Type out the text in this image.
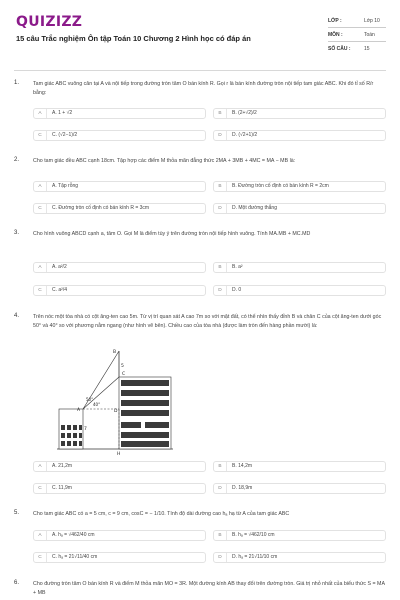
QUIZIZZ
15 câu Trắc nghiệm Ôn tập Toán 10 Chương 2 Hình học có đáp án
LỚP :	Lớp 10
MÔN :	Toán
SỐ CÂU :	15
1.	Tam giác ABC vuông cân tại A và nội tiếp trong đường tròn tâm O bán kính R. Gọi r là bán kính đường tròn nội tiếp tam giác ABC. Khi đó tỉ số R/r bằng:
A	A. 1 + √2	B	B. (2+√2)/2
C	C. (√2−1)/2	D	D. (√2+1)/2
2.	Cho tam giác đều ABC cạnh 18cm. Tập hợp các điểm M thỏa mãn đẳng thức 2MA + 3MB + 4MC = MA − MB là:
A	A. Tập rỗng	B	B. Đường tròn cố định có bán kính R = 2cm
C	C. Đường tròn cố định có bán kính R = 3cm	D	D. Một đường thẳng
3.	Cho hình vuông ABCD cạnh a, tâm O. Gọi M là điểm tùy ý trên đường tròn nội tiếp hình vuông. Tính MA.MB + MC.MD
A	A. a²/2	B	B. a²
C	C. a²/4	D	D. 0
4.	Trên nóc một tòa nhà có cột ăng-ten cao 5m. Từ vị trí quan sát A cao 7m so với mặt đất, có thể nhìn thấy đỉnh B và chân C của cột ăng-ten dưới góc 50° và 40° so với phương nằm ngang (như hình vẽ bên). Chiều cao của tòa nhà (được làm tròn đến hàng phần mười) là:
B
5
C
A
50°
40°
7
D
H
A	A. 21,2m	B	B. 14,2m
C	C. 11,9m	D	D. 18,9m
5.	Cho tam giác ABC có a = 5 cm, c = 9 cm, cosC = − 1/10. Tính độ dài đường cao hₐ hạ từ A của tam giác ABC
A	A. hₐ = √462/40 cm	B	B. hₐ = √462/10 cm
C	C. hₐ = 21√11/40 cm	D	D. hₐ = 21√11/10 cm
6.	Cho đường tròn tâm O bán kính R và điểm M thỏa mãn MO = 3R. Một đường kính AB thay đổi trên đường tròn. Giá trị nhỏ nhất của biểu thức S = MA + MB
